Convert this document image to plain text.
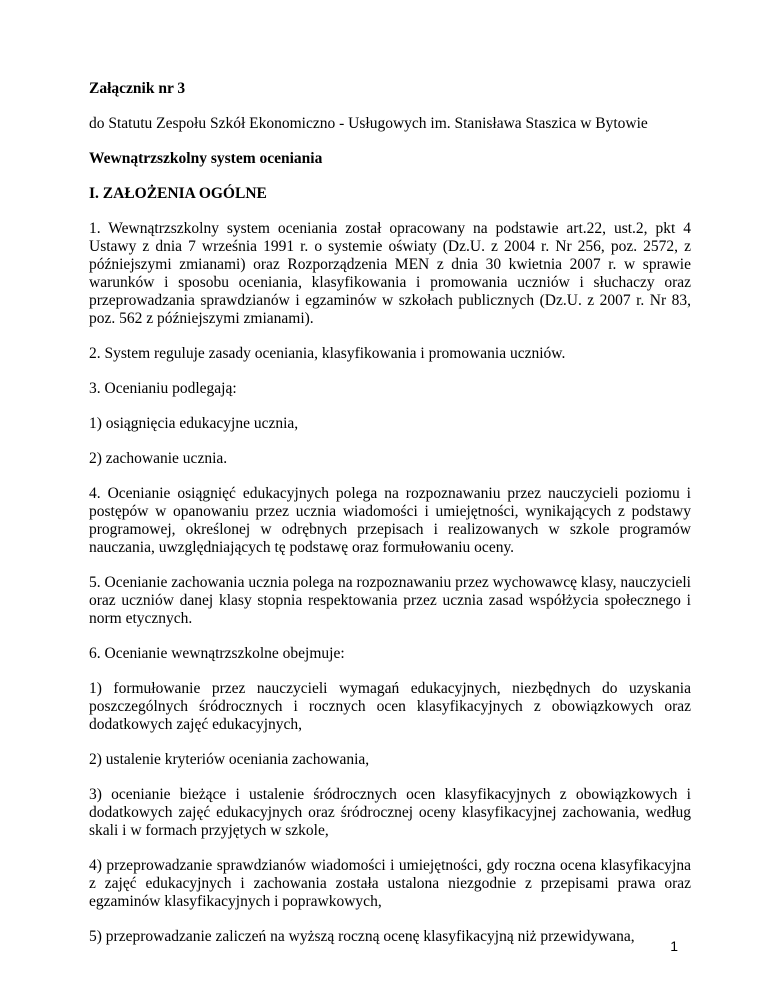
Załącznik nr 3

do Statutu Zespołu Szkół Ekonomiczno - Usługowych im. Stanisława Staszica w Bytowie

Wewnątrzszkolny system oceniania

I. ZAŁOŻENIA OGÓLNE

1. Wewnątrzszkolny system oceniania został opracowany na podstawie art.22, ust.2, pkt 4 Ustawy z dnia 7 września 1991 r. o systemie oświaty (Dz.U. z 2004 r. Nr 256, poz. 2572, z późniejszymi zmianami) oraz Rozporządzenia MEN z dnia 30 kwietnia 2007 r. w sprawie warunków i sposobu oceniania, klasyfikowania i promowania uczniów i słuchaczy oraz przeprowadzania sprawdzianów i egzaminów w szkołach publicznych (Dz.U. z 2007 r. Nr 83, poz. 562 z późniejszymi zmianami).

2. System reguluje zasady oceniania, klasyfikowania i promowania uczniów.

3. Ocenianiu podlegają:

1) osiągnięcia edukacyjne ucznia,

2) zachowanie ucznia.

4. Ocenianie osiągnięć edukacyjnych polega na rozpoznawaniu przez nauczycieli poziomu i postępów w opanowaniu przez ucznia wiadomości i umiejętności, wynikających z podstawy programowej, określonej w odrębnych przepisach i realizowanych w szkole programów nauczania, uwzględniających tę podstawę oraz formułowaniu oceny.

5. Ocenianie zachowania ucznia polega na rozpoznawaniu przez wychowawcę klasy, nauczycieli oraz uczniów danej klasy stopnia respektowania przez ucznia zasad współżycia społecznego i norm etycznych.

6. Ocenianie wewnątrzszkolne obejmuje:

1) formułowanie przez nauczycieli wymagań edukacyjnych, niezbędnych do uzyskania poszczególnych śródrocznych i rocznych ocen klasyfikacyjnych z obowiązkowych oraz dodatkowych zajęć edukacyjnych,

2) ustalenie kryteriów oceniania zachowania,

3) ocenianie bieżące i ustalenie śródrocznych ocen klasyfikacyjnych z obowiązkowych i dodatkowych zajęć edukacyjnych oraz śródrocznej oceny klasyfikacyjnej zachowania, według skali i w formach przyjętych w szkole,

4) przeprowadzanie sprawdzianów wiadomości i umiejętności, gdy roczna ocena klasyfikacyjna z zajęć edukacyjnych i zachowania została ustalona niezgodnie z przepisami prawa oraz egzaminów klasyfikacyjnych i poprawkowych,

5) przeprowadzanie zaliczeń na wyższą roczną ocenę klasyfikacyjną niż przewidywana,

1
